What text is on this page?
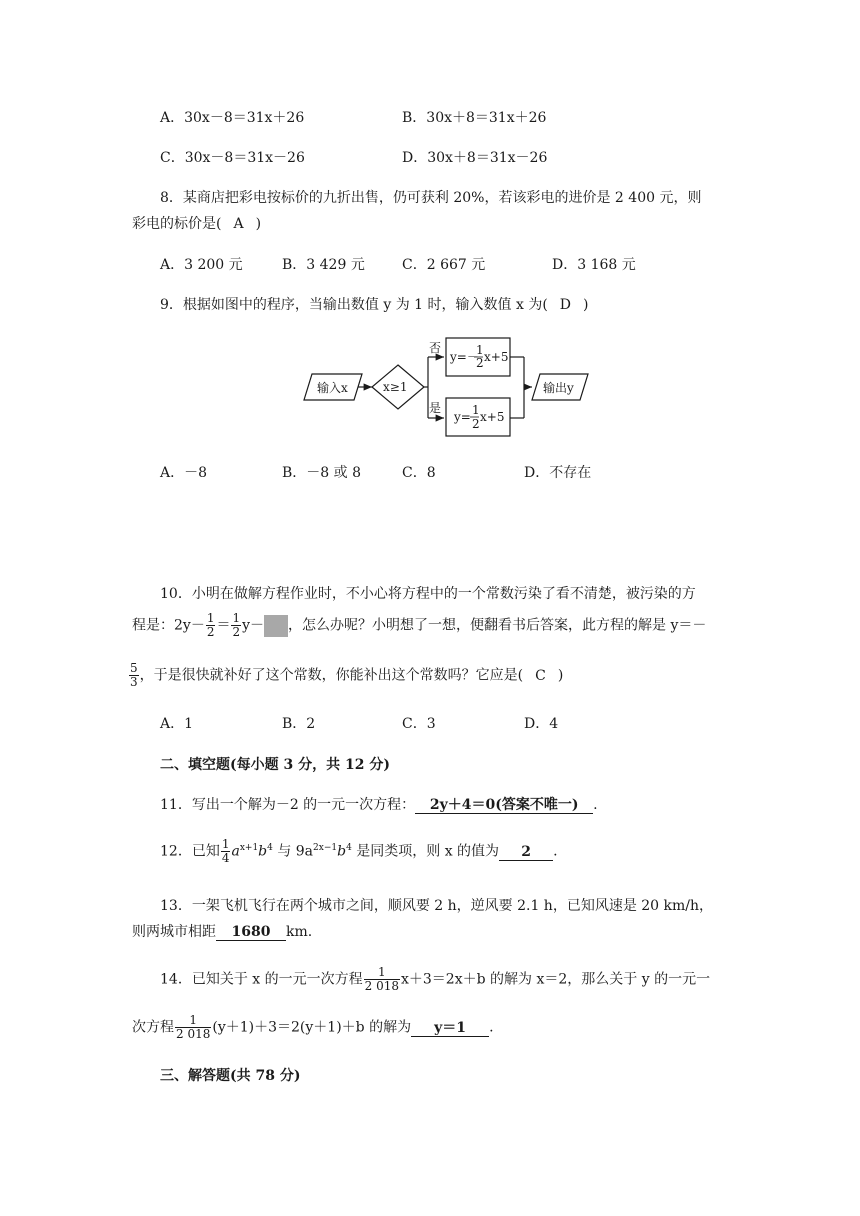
A．30x－8＝31x＋26	B．30x＋8＝31x＋26
C．30x－8＝31x－26	D．30x＋8＝31x－26
8．某商店把彩电按标价的九折出售，仍可获利 20%，若该彩电的进价是 2 400 元，则
彩电的标价是( A )
A．3 200 元	B．3 429 元	C．2 667 元	D．3 168 元
9．根据如图中的程序，当输出数值 y 为 1 时，输入数值 x 为( D )
输入x	x≥1
否
是
y=－
1
2 x+5
y= 1
2 x+5
输出y
A．－8	B．－8 或 8	C．8	D．不存在
10．小明在做解方程作业时，不小心将方程中的一个常数污染了看不清楚，被污染的方
程是：$2y- \frac{1}{2} = \frac{1}{2} y-$ ，怎么办呢？小明想了一想，便翻看书后答案，此方程的解是 y＝－
$\frac{5}{3}$ ，于是很快就补好了这个常数，你能补出这个常数吗？它应是( C )
A．1	B．2	C．3	D．4
二、填空题(每小题 3 分，共 12 分)
11．写出一个解为－2 的一元一次方程： 2y＋4＝0(答案不唯一) .
12．已知 $\frac{1}{4} a^{x+1}b^4$ 与 $9a^{2x-1}b^4$ 是同类项，则 x 的值为 2 .
13．一架飞机飞行在两个城市之间，顺风要 2 h，逆风要 2.1 h，已知风速是 20 km/h，
则两城市相距 1680 km.
14．已知关于 x 的一元一次方程 $\frac{1}{2 018} x+3=2x+b$ 的解为 x＝2，那么关于 y 的一元一
次方程 $\frac{1}{2 018} (y+1)+3=2(y+1)+b$ 的解为 y＝1 .
三、解答题(共 78 分)
